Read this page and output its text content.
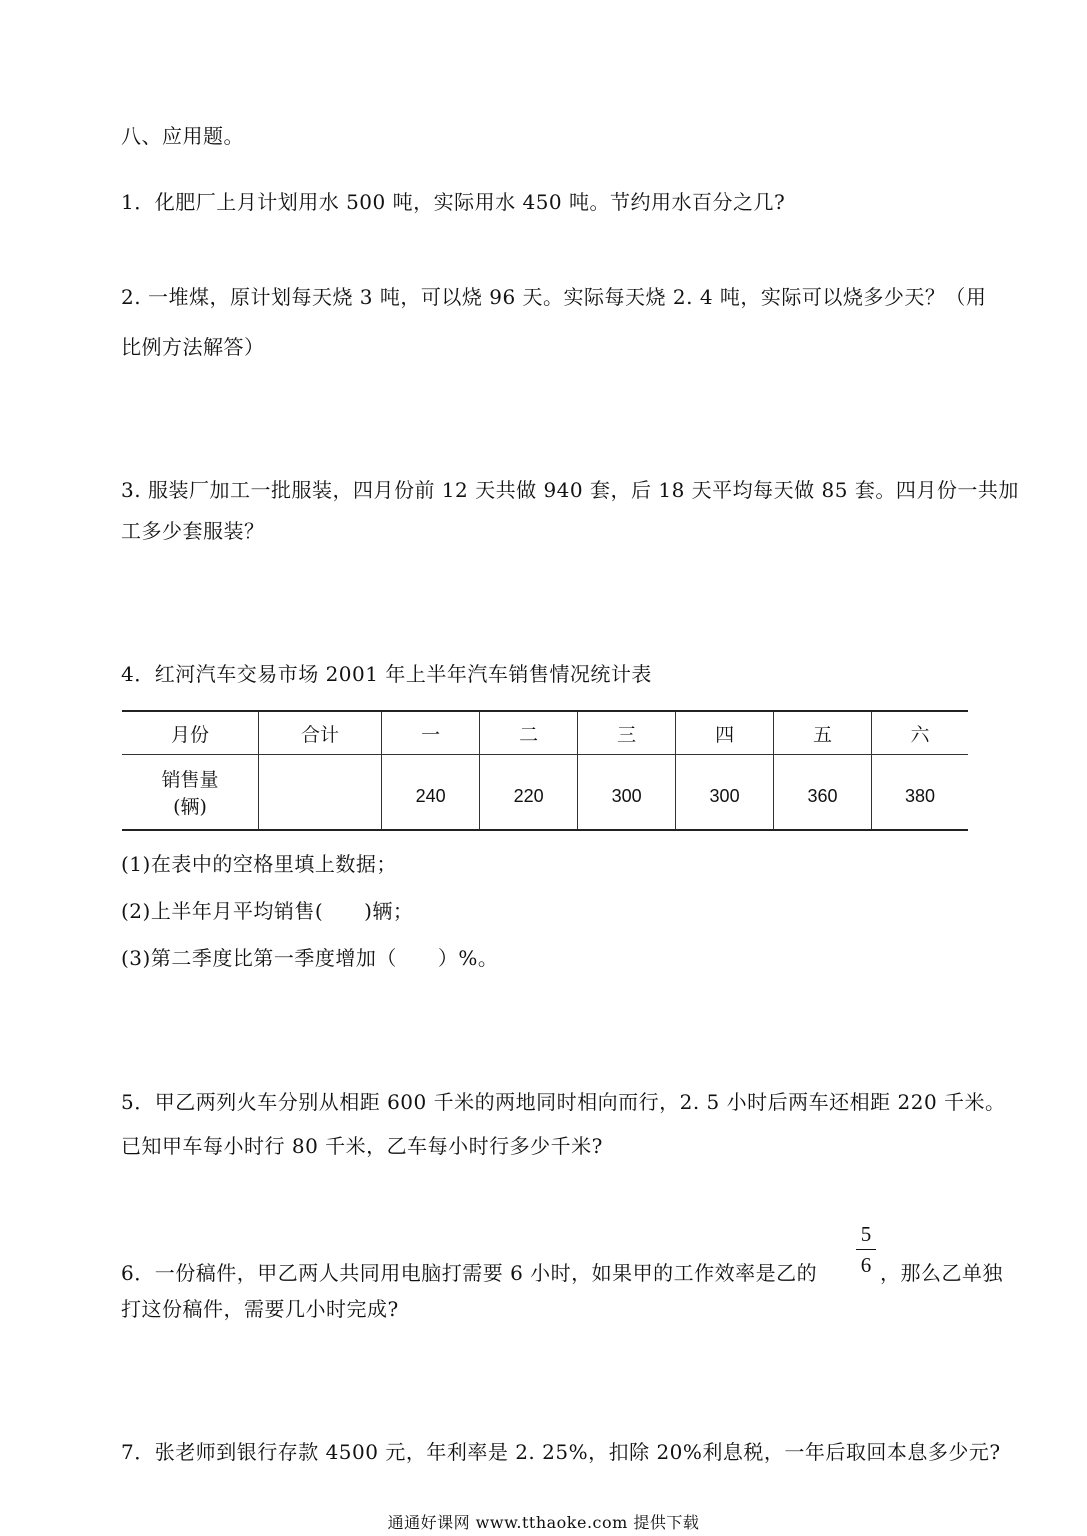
八、应用题。
1．化肥厂上月计划用水 500 吨，实际用水 450 吨。节约用水百分之几?
2. 一堆煤，原计划每天烧 3 吨，可以烧 96 天。实际每天烧 2. 4 吨，实际可以烧多少天？（用
比例方法解答）
3. 服装厂加工一批服装，四月份前 12 天共做 940 套，后 18 天平均每天做 85 套。四月份一共加
工多少套服装？
4．红河汽车交易市场 2001 年上半年汽车销售情况统计表
月份	合计	一	二	三	四	五	六

销售量
(辆)		240	220	300	300	360	380
(1)在表中的空格里填上数据；
(2)上半年月平均销售(　　)辆；
(3)第二季度比第一季度增加（　　）%。
5．甲乙两列火车分别从相距 600 千米的两地同时相向而行，2. 5 小时后两车还相距 220 千米。
已知甲车每小时行 80 千米，乙车每小时行多少千米?
6．一份稿件，甲乙两人共同用电脑打需要 6 小时，如果甲的工作效率是乙的
5
6 ，那么乙单独
打这份稿件，需要几小时完成?
7．张老师到银行存款 4500 元，年利率是 2. 25%，扣除 20%利息税，一年后取回本息多少元?
通通好课网 www.tthaoke.com 提供下载
